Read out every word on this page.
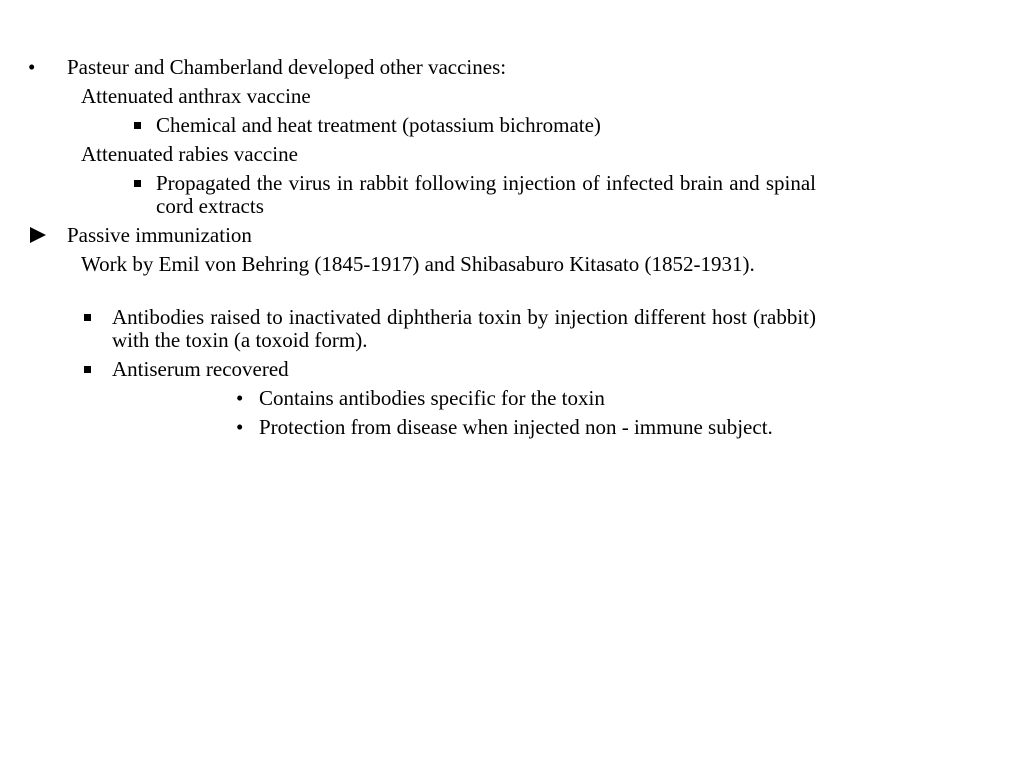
• Pasteur and Chamberland developed other vaccines:
Attenuated anthrax vaccine
Chemical and heat treatment (potassium bichromate)
Attenuated rabies vaccine
Propagated the virus in rabbit following injection of infected brain and spinal cord extracts
Passive immunization
Work by Emil von Behring (1845-1917) and Shibasaburo Kitasato (1852-1931).
Antibodies raised to inactivated diphtheria toxin by injection different host (rabbit) with the toxin (a toxoid form).
Antiserum recovered
• Contains antibodies specific for the toxin
• Protection from disease when injected non - immune subject.
